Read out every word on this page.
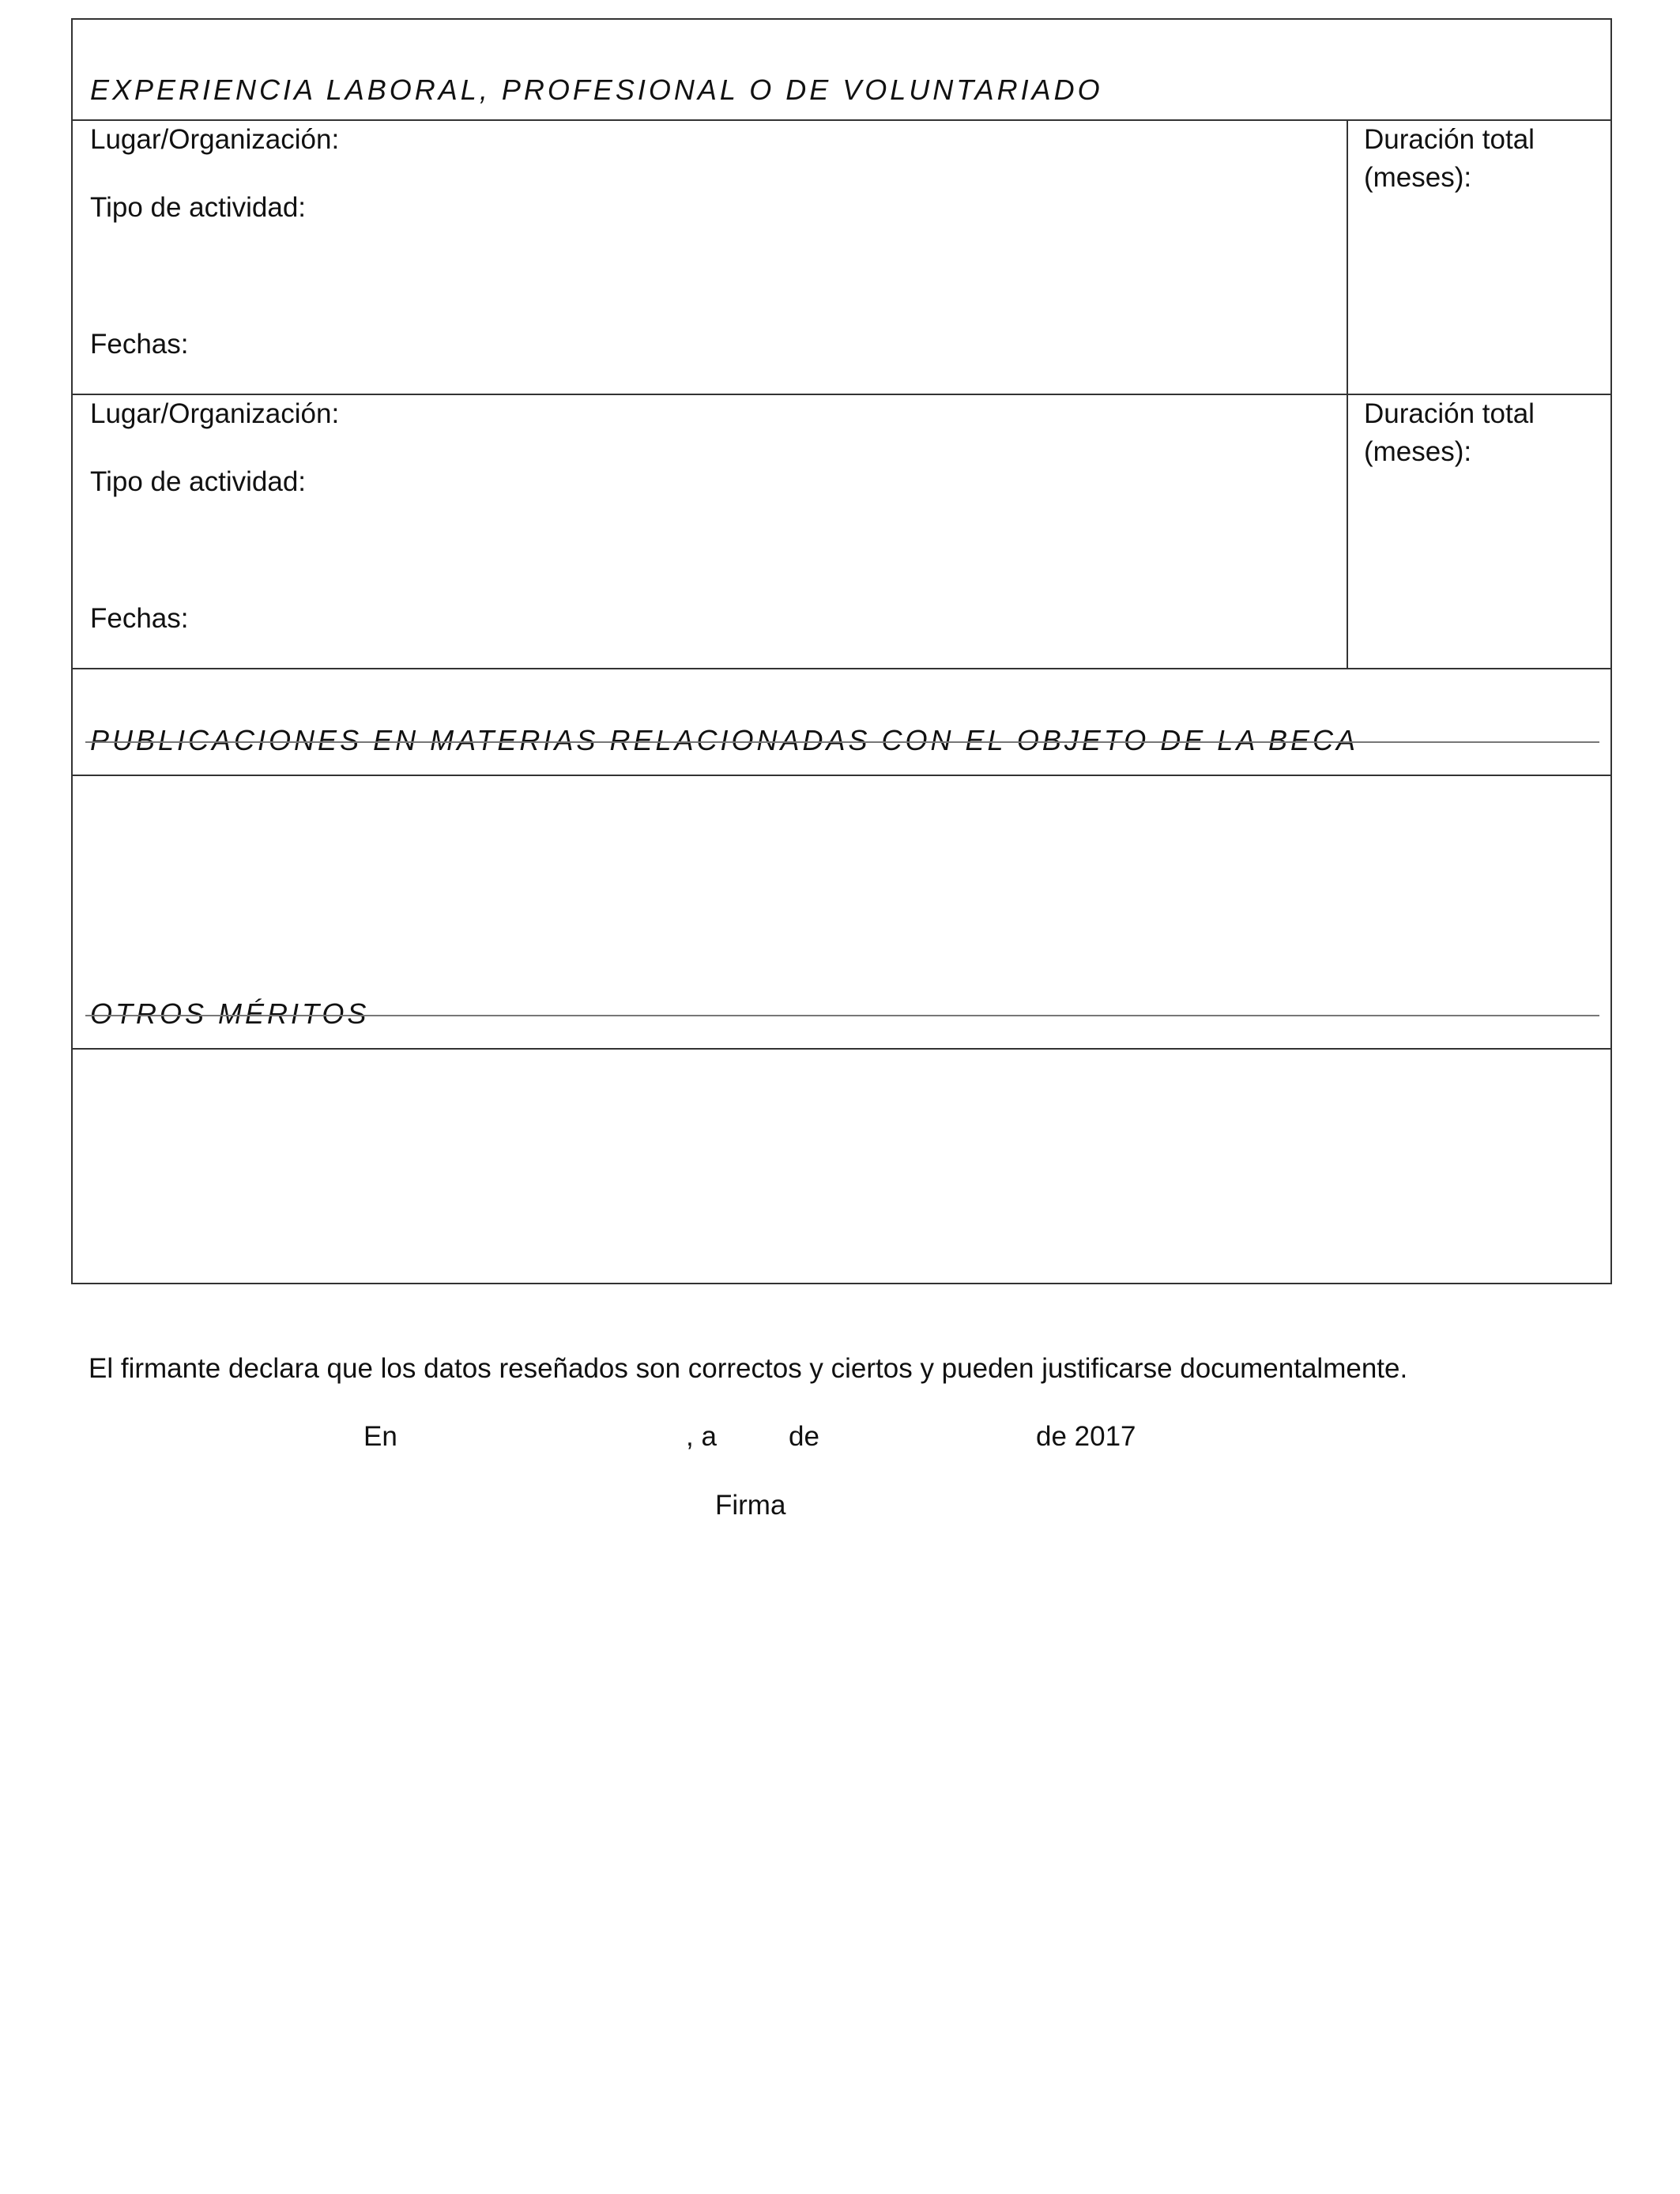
EXPERIENCIA LABORAL, PROFESIONAL O DE VOLUNTARIADO
Lugar/Organización:
Tipo de actividad:
Fechas:
Duración total (meses):
Lugar/Organización:
Tipo de actividad:
Fechas:
Duración total (meses):
PUBLICACIONES EN MATERIAS RELACIONADAS CON EL OBJETO DE LA BECA
OTROS MÉRITOS
El firmante declara que los datos reseñados son correctos y ciertos y pueden justificarse documentalmente.
En	, a	de	de 2017
Firma
